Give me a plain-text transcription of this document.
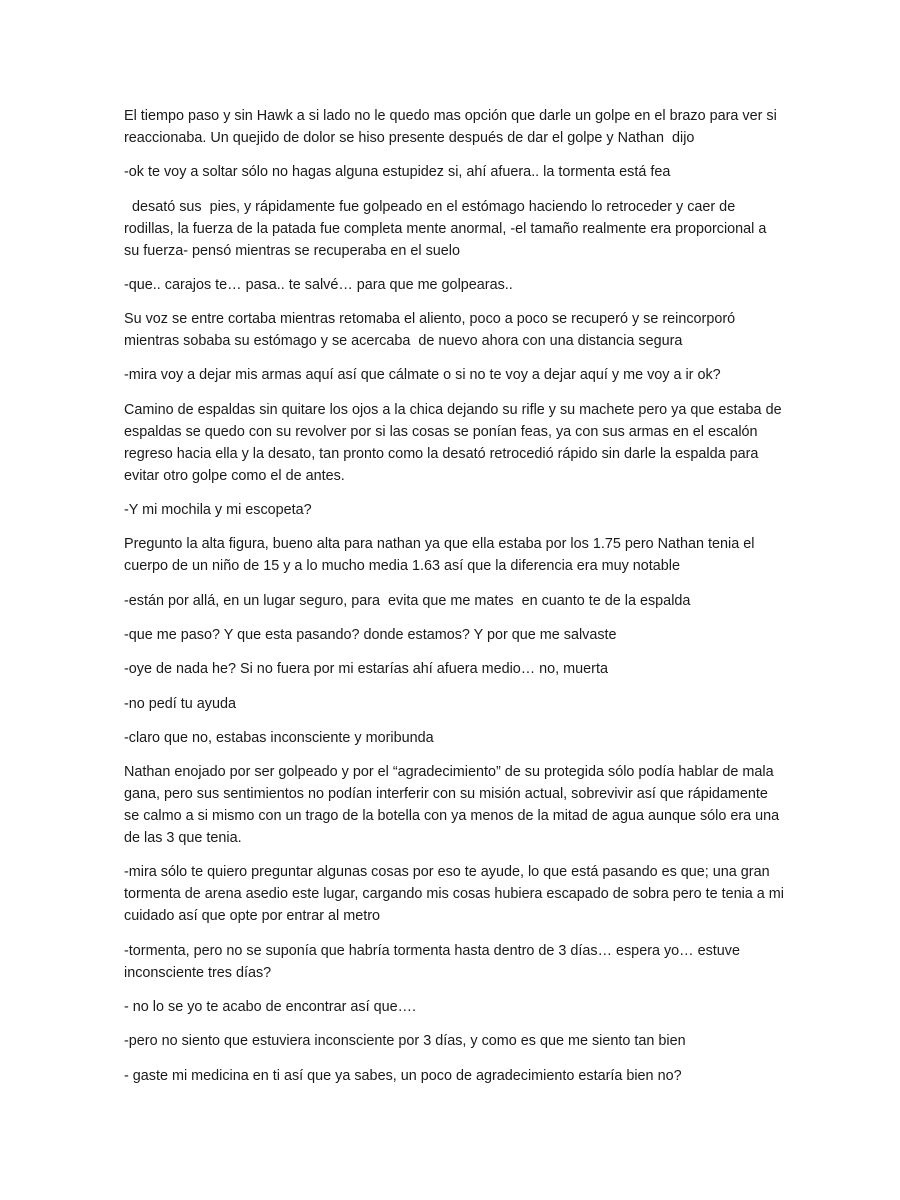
El tiempo paso y sin Hawk a si lado no le quedo mas opción que darle un golpe en el brazo para ver si reaccionaba. Un quejido de dolor se hiso presente después de dar el golpe y Nathan  dijo

-ok te voy a soltar sólo no hagas alguna estupidez si, ahí afuera.. la tormenta está fea

desató sus  pies, y rápidamente fue golpeado en el estómago haciendo lo retroceder y caer de rodillas, la fuerza de la patada fue completa mente anormal, -el tamaño realmente era proporcional a su fuerza- pensó mientras se recuperaba en el suelo

-que.. carajos te… pasa.. te salvé… para que me golpearas..

Su voz se entre cortaba mientras retomaba el aliento, poco a poco se recuperó y se reincorporó mientras sobaba su estómago y se acercaba  de nuevo ahora con una distancia segura

-mira voy a dejar mis armas aquí así que cálmate o si no te voy a dejar aquí y me voy a ir ok?

Camino de espaldas sin quitare los ojos a la chica dejando su rifle y su machete pero ya que estaba de espaldas se quedo con su revolver por si las cosas se ponían feas, ya con sus armas en el escalón regreso hacia ella y la desato, tan pronto como la desató retrocedió rápido sin darle la espalda para evitar otro golpe como el de antes.

-Y mi mochila y mi escopeta?

Pregunto la alta figura, bueno alta para nathan ya que ella estaba por los 1.75 pero Nathan tenia el cuerpo de un niño de 15 y a lo mucho media 1.63 así que la diferencia era muy notable

-están por allá, en un lugar seguro, para  evita que me mates  en cuanto te de la espalda

-que me paso? Y que esta pasando? donde estamos? Y por que me salvaste

-oye de nada he? Si no fuera por mi estarías ahí afuera medio… no, muerta

-no pedí tu ayuda

-claro que no, estabas inconsciente y moribunda

Nathan enojado por ser golpeado y por el “agradecimiento” de su protegida sólo podía hablar de mala gana, pero sus sentimientos no podían interferir con su misión actual, sobrevivir así que rápidamente se calmo a si mismo con un trago de la botella con ya menos de la mitad de agua aunque sólo era una de las 3 que tenia.

-mira sólo te quiero preguntar algunas cosas por eso te ayude, lo que está pasando es que; una gran tormenta de arena asedio este lugar, cargando mis cosas hubiera escapado de sobra pero te tenia a mi cuidado así que opte por entrar al metro

-tormenta, pero no se suponía que habría tormenta hasta dentro de 3 días… espera yo… estuve inconsciente tres días?

- no lo se yo te acabo de encontrar así que….

-pero no siento que estuviera inconsciente por 3 días, y como es que me siento tan bien

- gaste mi medicina en ti así que ya sabes, un poco de agradecimiento estaría bien no?
